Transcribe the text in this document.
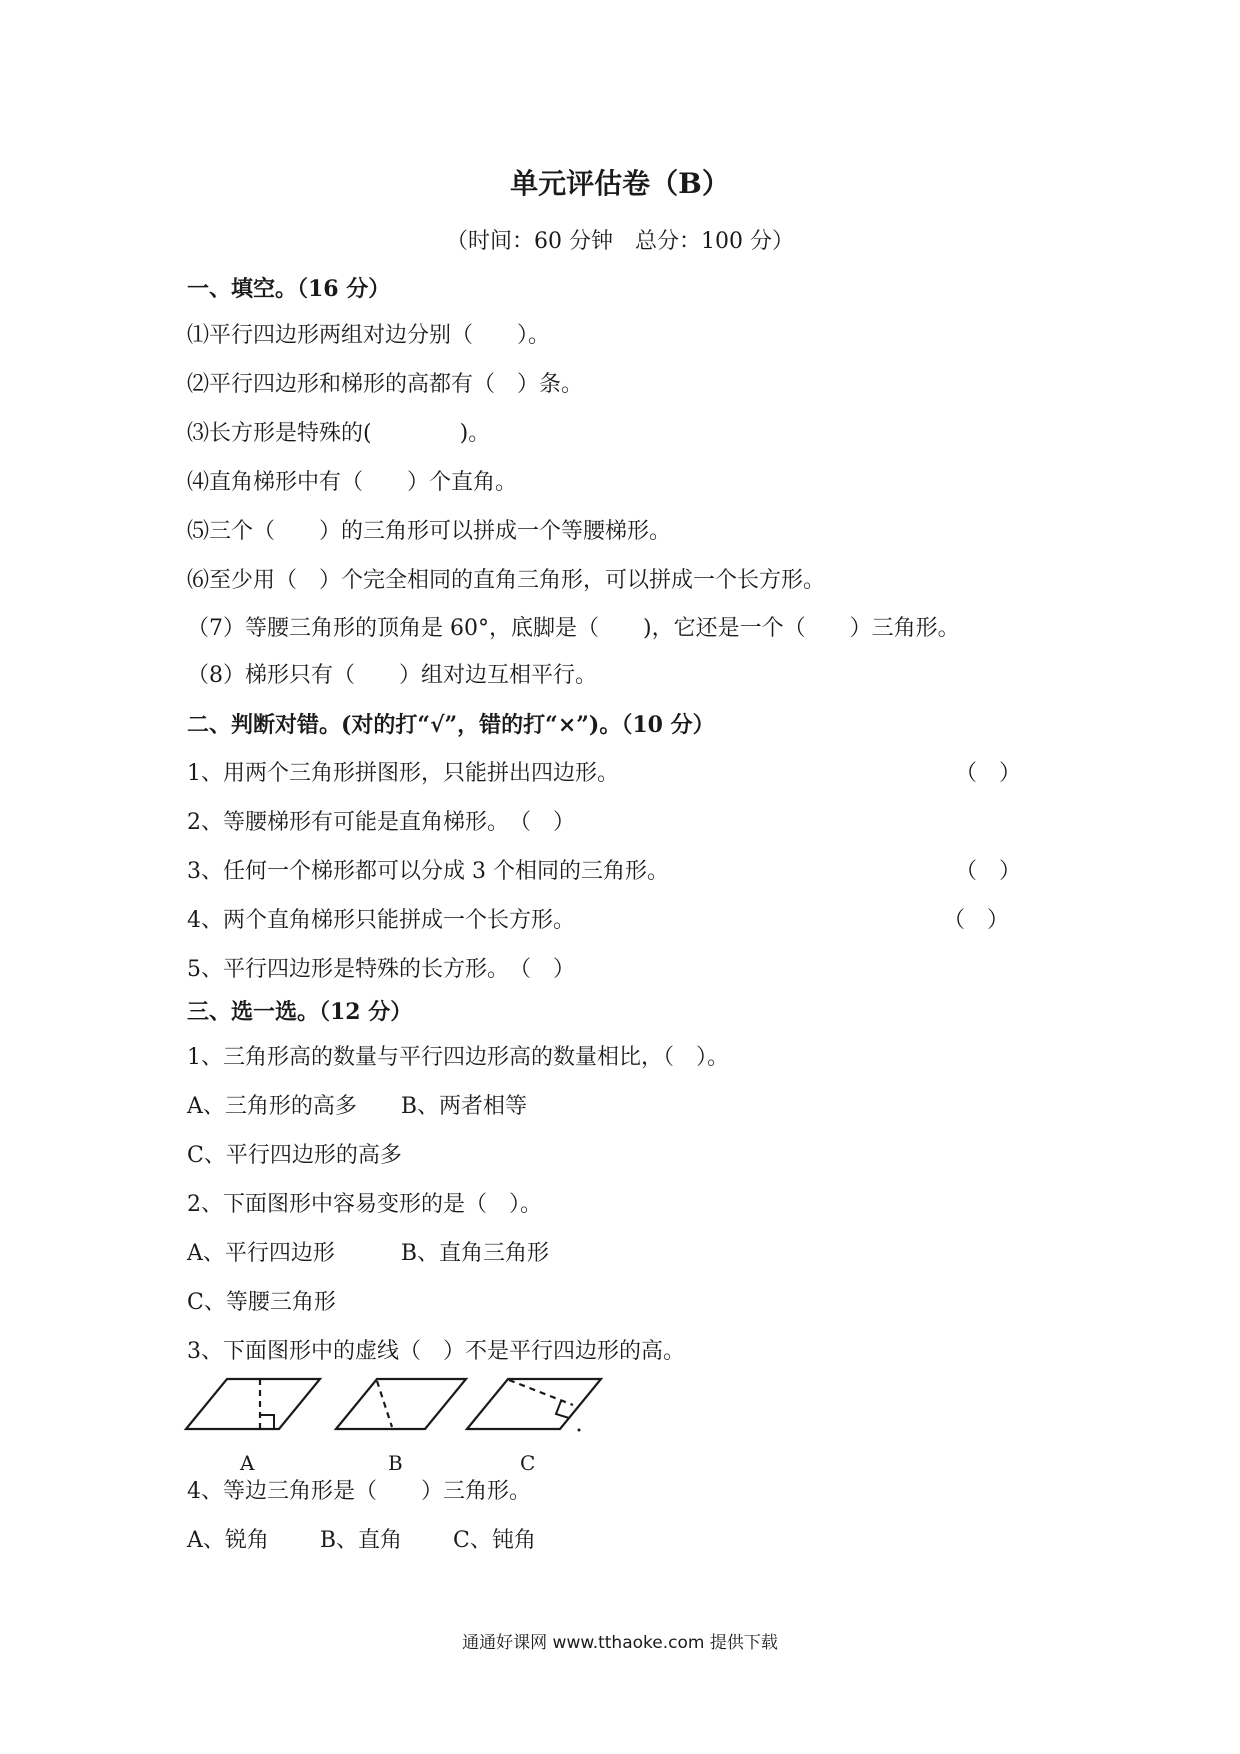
单元评估卷（B）
（时间：60 分钟　总分：100 分）
一、填空。（16 分）
⑴平行四边形两组对边分别（　　）。
⑵平行四边形和梯形的高都有（　）条。
⑶长方形是特殊的(　　　　)。
⑷直角梯形中有（　　）个直角。
⑸三个（　　）的三角形可以拼成一个等腰梯形。
⑹至少用（　）个完全相同的直角三角形，可以拼成一个长方形。
（7）等腰三角形的顶角是 60°，底脚是（　　)，它还是一个（　　）三角形。
（8）梯形只有（　　）组对边互相平行。
二、判断对错。(对的打“√”，错的打“×”)。（10 分）
1、用两个三角形拼图形，只能拼出四边形。	（　）
2、等腰梯形有可能是直角梯形。　（　）
3、任何一个梯形都可以分成 3 个相同的三角形。	（　）
4、两个直角梯形只能拼成一个长方形。	（　）
5、平行四边形是特殊的长方形。　（　）
三、选一选。（12 分）
1、三角形高的数量与平行四边形高的数量相比，（　）。
A、三角形的高多　　B、两者相等
C、平行四边形的高多
2、下面图形中容易变形的是（　）。
A、平行四边形　　　B、直角三角形
C、等腰三角形
3、下面图形中的虚线（　）不是平行四边形的高。
A	B	C
4、等边三角形是（　　）三角形。
A、锐角　　 B、直角　　 C、钝角
通通好课网 www.tthaoke.com 提供下载
